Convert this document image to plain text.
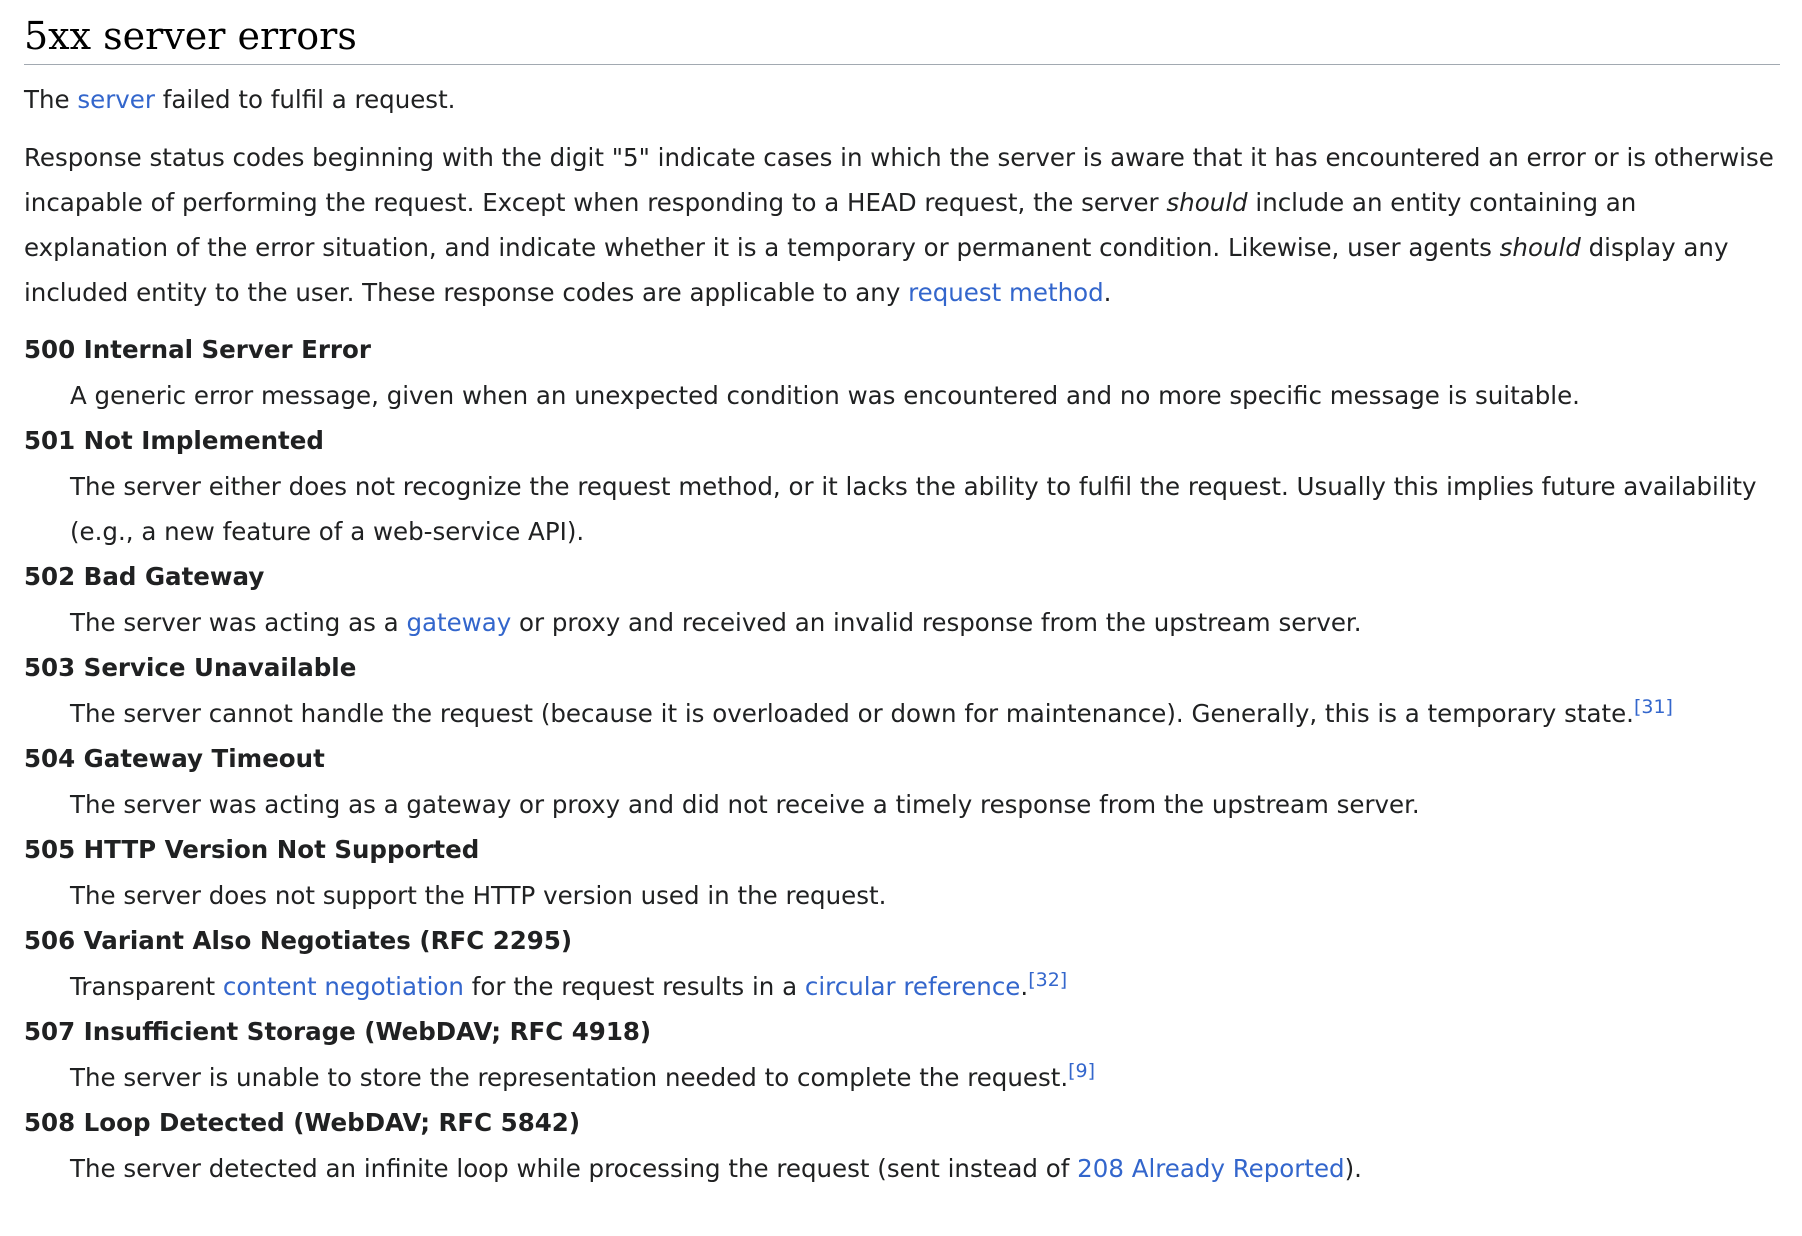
5xx server errors

The server failed to fulfil a request.

Response status codes beginning with the digit "5" indicate cases in which the server is aware that it has encountered an error or is otherwise incapable of performing the request. Except when responding to a HEAD request, the server should include an entity containing an explanation of the error situation, and indicate whether it is a temporary or permanent condition. Likewise, user agents should display any included entity to the user. These response codes are applicable to any request method.

500 Internal Server Error
A generic error message, given when an unexpected condition was encountered and no more specific message is suitable.
501 Not Implemented
The server either does not recognize the request method, or it lacks the ability to fulfil the request. Usually this implies future availability (e.g., a new feature of a web-service API).
502 Bad Gateway
The server was acting as a gateway or proxy and received an invalid response from the upstream server.
503 Service Unavailable
The server cannot handle the request (because it is overloaded or down for maintenance). Generally, this is a temporary state.[31]
504 Gateway Timeout
The server was acting as a gateway or proxy and did not receive a timely response from the upstream server.
505 HTTP Version Not Supported
The server does not support the HTTP version used in the request.
506 Variant Also Negotiates (RFC 2295)
Transparent content negotiation for the request results in a circular reference.[32]
507 Insufficient Storage (WebDAV; RFC 4918)
The server is unable to store the representation needed to complete the request.[9]
508 Loop Detected (WebDAV; RFC 5842)
The server detected an infinite loop while processing the request (sent instead of 208 Already Reported).
